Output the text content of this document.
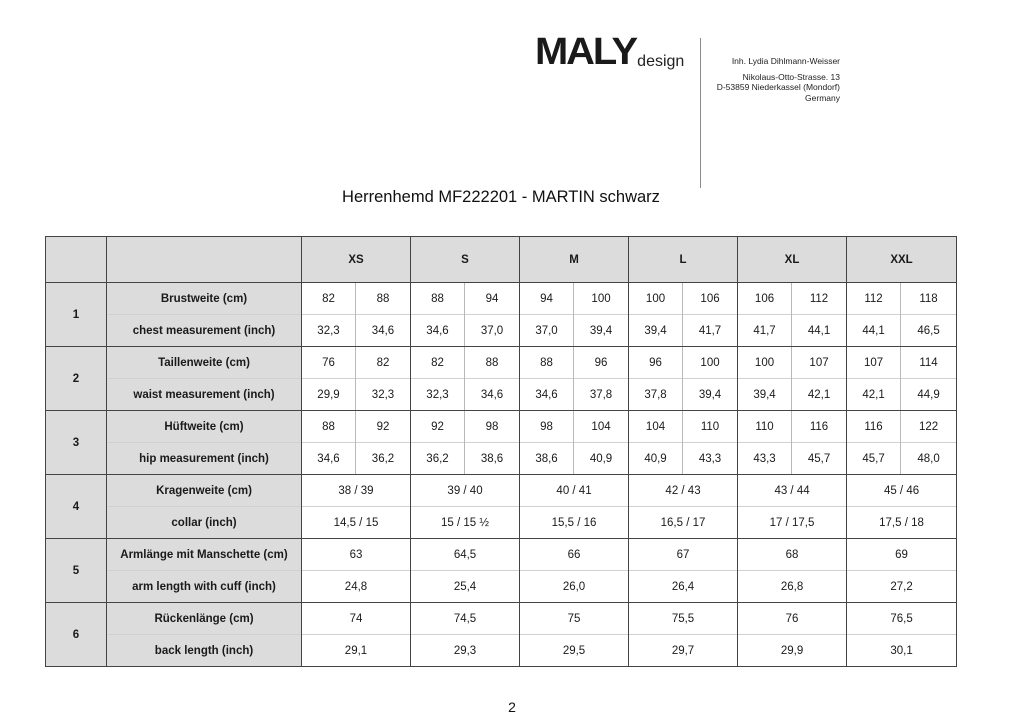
MALY design	Inh. Lydia Dihlmann-Weisser
Nikolaus-Otto-Strasse. 13
D-53859 Niederkassel (Mondorf)
Germany
Herrenhemd MF222201 - MARTIN schwarz
		XS		S		M		L		XL		XXL	
1	Brustweite (cm)	82	88	88	94	94	100	100	106	106	112	112	118
	chest measurement (inch)	32,3	34,6	34,6	37,0	37,0	39,4	39,4	41,7	41,7	44,1	44,1	46,5
2	Taillenweite (cm)	76	82	82	88	88	96	96	100	100	107	107	114
	waist measurement (inch)	29,9	32,3	32,3	34,6	34,6	37,8	37,8	39,4	39,4	42,1	42,1	44,9
3	Hüftweite (cm)	88	92	92	98	98	104	104	110	110	116	116	122
	hip measurement (inch)	34,6	36,2	36,2	38,6	38,6	40,9	40,9	43,3	43,3	45,7	45,7	48,0
4	Kragenweite (cm)	38 / 39		39 / 40		40 / 41		42 / 43		43 / 44		45 / 46	
	collar (inch)	14,5 / 15		15 / 15 ½		15,5 / 16		16,5 / 17		17 / 17,5		17,5 / 18	
5	Armlänge mit Manschette (cm)	63		64,5		66		67		68		69	
	arm length with cuff (inch)	24,8		25,4		26,0		26,4		26,8		27,2	
6	Rückenlänge (cm)	74		74,5		75		75,5		76		76,5	
	back length (inch)	29,1		29,3		29,5		29,7		29,9		30,1	
2
